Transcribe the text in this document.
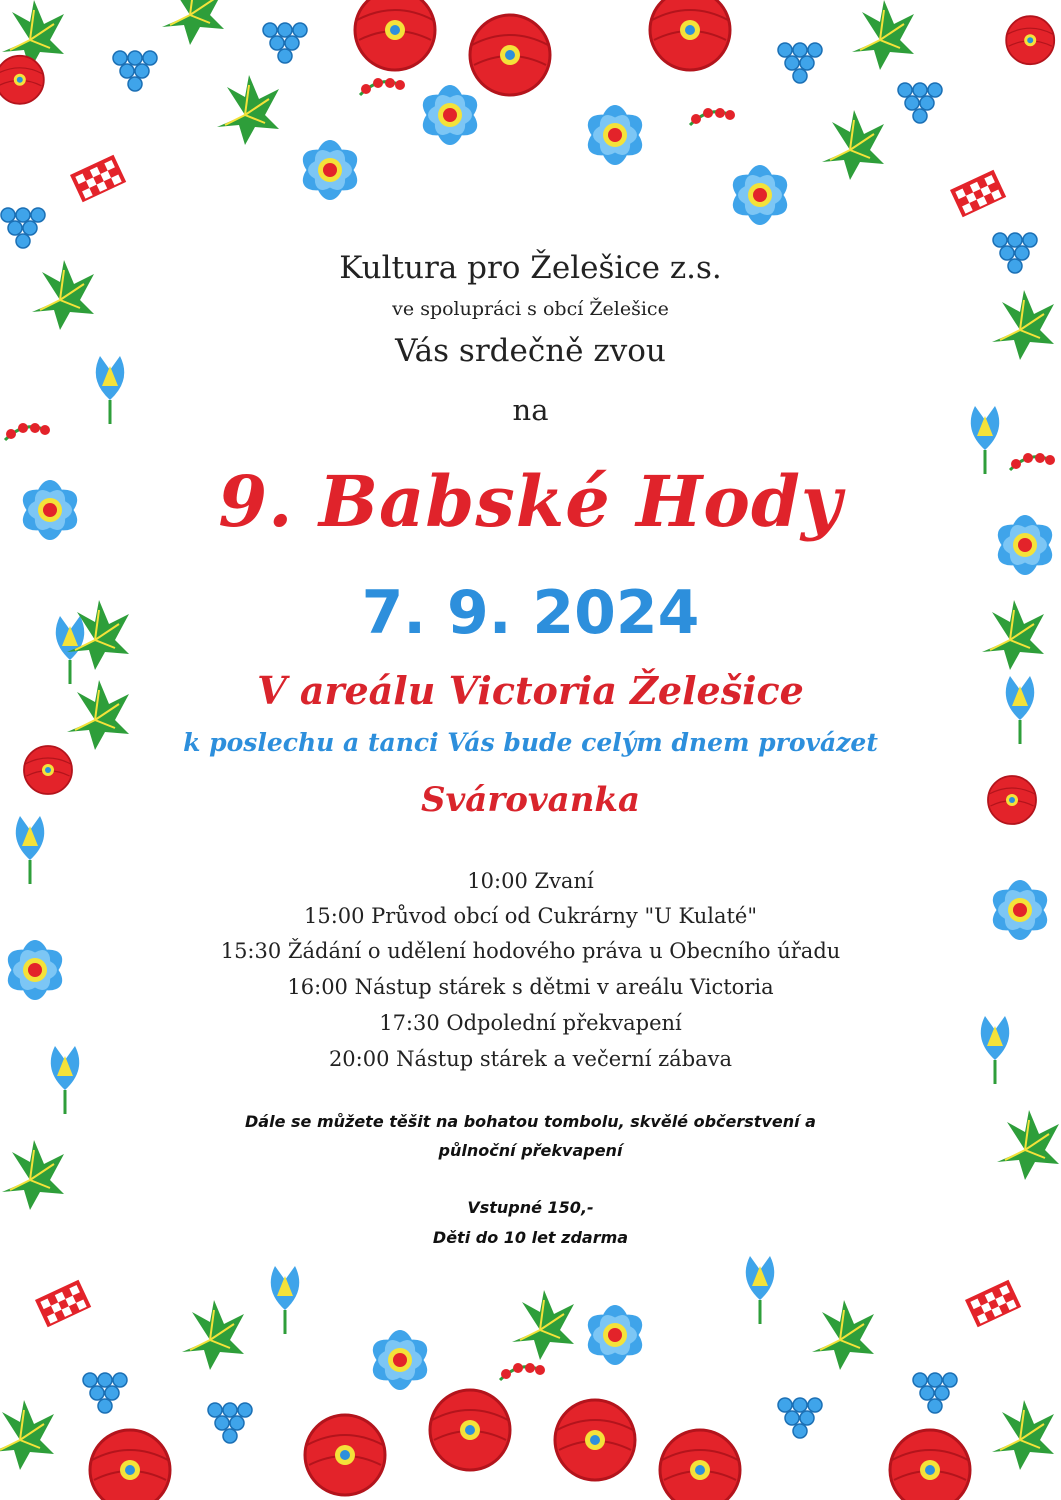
Kultura pro Želešice z.s.
ve spolupráci s obcí Želešice
Vás srdečně zvou
na
9. Babské Hody
7. 9. 2024
V areálu Victoria Želešice
k poslechu a tanci Vás bude celým dnem provázet
Svárovanka
10:00 Zvaní
15:00 Průvod obcí od Cukrárny "U Kulaté"
15:30 Žádání o udělení hodového práva u Obecního úřadu
16:00 Nástup stárek s dětmi v areálu Victoria
17:30 Odpolední překvapení
20:00 Nástup stárek a večerní zábava
Dále se můžete těšit na bohatou tombolu, skvělé občerstvení a
půlnoční překvapení
Vstupné 150,-
Děti do 10 let zdarma
